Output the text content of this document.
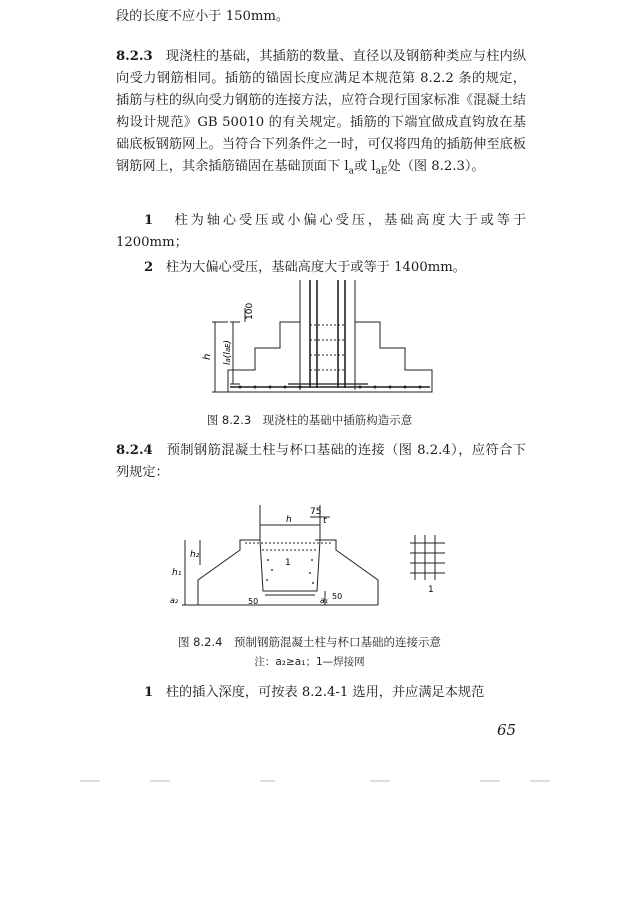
段的长度不应小于 150mm。

8.2.3 现浇柱的基础，其插筋的数量、直径以及钢筋种类应与柱内纵向受力钢筋相同。插筋的锚固长度应满足本规范第 8.2.2 条的规定，插筋与柱的纵向受力钢筋的连接方法，应符合现行国家标准《混凝土结构设计规范》GB 50010 的有关规定。插筋的下端宜做成直钩放在基础底板钢筋网上。当符合下列条件之一时，可仅将四角的插筋伸至底板钢筋网上，其余插筋锚固在基础顶面下 $l_a$或 $l_{aE}$处（图 8.2.3）。

1 柱为轴心受压或小偏心受压，基础高度大于或等于 1200mm；

2 柱为大偏心受压，基础高度大于或等于 1400mm。

100
h
la(laE)
图 8.2.3　现浇柱的基础中插筋构造示意

8.2.4 预制钢筋混凝土柱与杯口基础的连接（图 8.2.4），应符合下列规定：

75
h	t
h₂
h₁
1
50
50
a₂	a₁
1
图 8.2.4　预制钢筋混凝土柱与杯口基础的连接示意
注：a₂≥a₁；1—焊接网

1 柱的插入深度，可按表 8.2.4-1 选用，并应满足本规范

65
